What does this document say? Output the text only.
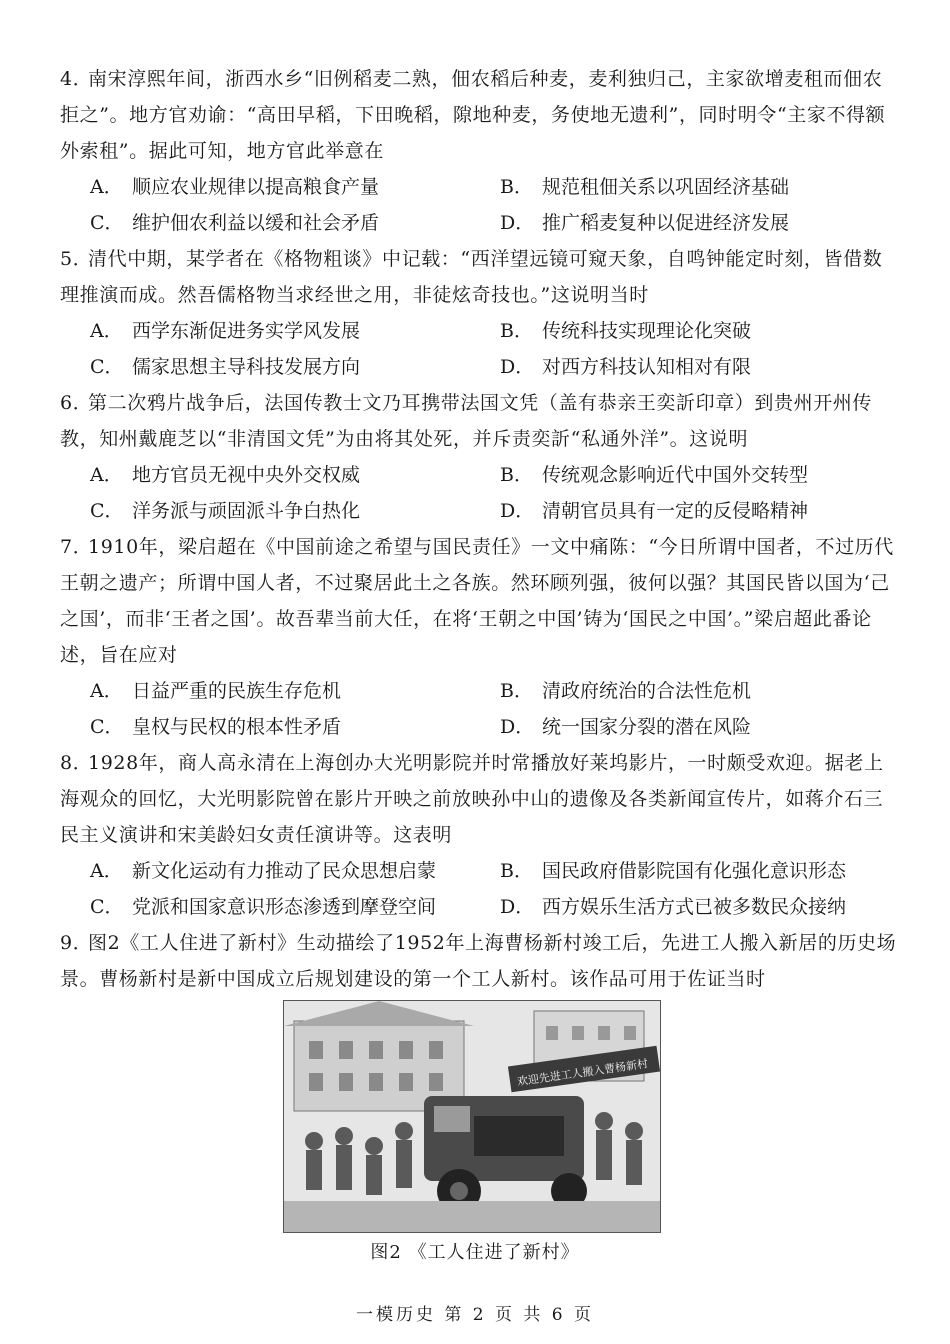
4．南宋淳熙年间，浙西水乡“旧例稻麦二熟，佃农稻后种麦，麦利独归己，主家欲增麦租而佃农拒之”。地方官劝谕：“高田早稻，下田晚稻，隙地种麦，务使地无遗利”，同时明令“主家不得额外索租”。据此可知，地方官此举意在
A． 顺应农业规律以提高粮食产量	B． 规范租佃关系以巩固经济基础
C． 维护佃农利益以缓和社会矛盾	D． 推广稻麦复种以促进经济发展
5．清代中期，某学者在《格物粗谈》中记载：“西洋望远镜可窥天象，自鸣钟能定时刻，皆借数理推演而成。然吾儒格物当求经世之用，非徒炫奇技也。”这说明当时
A． 西学东渐促进务实学风发展	B． 传统科技实现理论化突破
C． 儒家思想主导科技发展方向	D． 对西方科技认知相对有限
6．第二次鸦片战争后，法国传教士文乃耳携带法国文凭（盖有恭亲王奕訢印章）到贵州开州传教，知州戴鹿芝以“非清国文凭”为由将其处死，并斥责奕訢“私通外洋”。这说明
A． 地方官员无视中央外交权威	B． 传统观念影响近代中国外交转型
C． 洋务派与顽固派斗争白热化	D． 清朝官员具有一定的反侵略精神
7．1910年，梁启超在《中国前途之希望与国民责任》一文中痛陈：“今日所谓中国者，不过历代王朝之遗产；所谓中国人者，不过聚居此土之各族。然环顾列强，彼何以强？其国民皆以国为‘己之国’，而非‘王者之国’。故吾辈当前大任，在将‘王朝之中国’铸为‘国民之中国’。”梁启超此番论述，旨在应对
A． 日益严重的民族生存危机	B． 清政府统治的合法性危机
C． 皇权与民权的根本性矛盾	D． 统一国家分裂的潜在风险
8．1928年，商人高永清在上海创办大光明影院并时常播放好莱坞影片，一时颇受欢迎。据老上海观众的回忆，大光明影院曾在影片开映之前放映孙中山的遗像及各类新闻宣传片，如蒋介石三民主义演讲和宋美龄妇女责任演讲等。这表明
A． 新文化运动有力推动了民众思想启蒙	B． 国民政府借影院国有化强化意识形态
C． 党派和国家意识形态渗透到摩登空间	D． 西方娱乐生活方式已被多数民众接纳
9．图2《工人住进了新村》生动描绘了1952年上海曹杨新村竣工后，先进工人搬入新居的历史场景。曹杨新村是新中国成立后规划建设的第一个工人新村。该作品可用于佐证当时
欢迎先进工人搬入曹杨新村
图2 《工人住进了新村》
一模历史 第 2 页 共 6 页
